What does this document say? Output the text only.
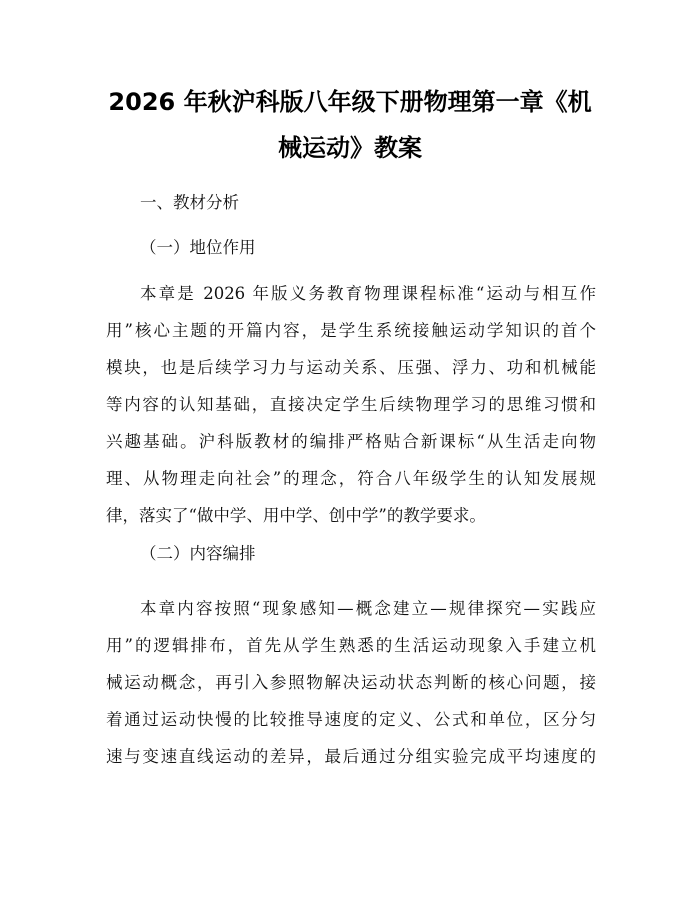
2026 年秋沪科版八年级下册物理第一章《机
械运动》教案
一、教材分析
（一）地位作用
本章是 2026 年版义务教育物理课程标准“运动与相互作
用”核心主题的开篇内容，是学生系统接触运动学知识的首个
模块，也是后续学习力与运动关系、压强、浮力、功和机械能
等内容的认知基础，直接决定学生后续物理学习的思维习惯和
兴趣基础。沪科版教材的编排严格贴合新课标“从生活走向物
理、从物理走向社会”的理念，符合八年级学生的认知发展规
律，落实了“做中学、用中学、创中学”的教学要求。
（二）内容编排
本章内容按照“现象感知—概念建立—规律探究—实践应
用”的逻辑排布，首先从学生熟悉的生活运动现象入手建立机
械运动概念，再引入参照物解决运动状态判断的核心问题，接
着通过运动快慢的比较推导速度的定义、公式和单位，区分匀
速与变速直线运动的差异，最后通过分组实验完成平均速度的
